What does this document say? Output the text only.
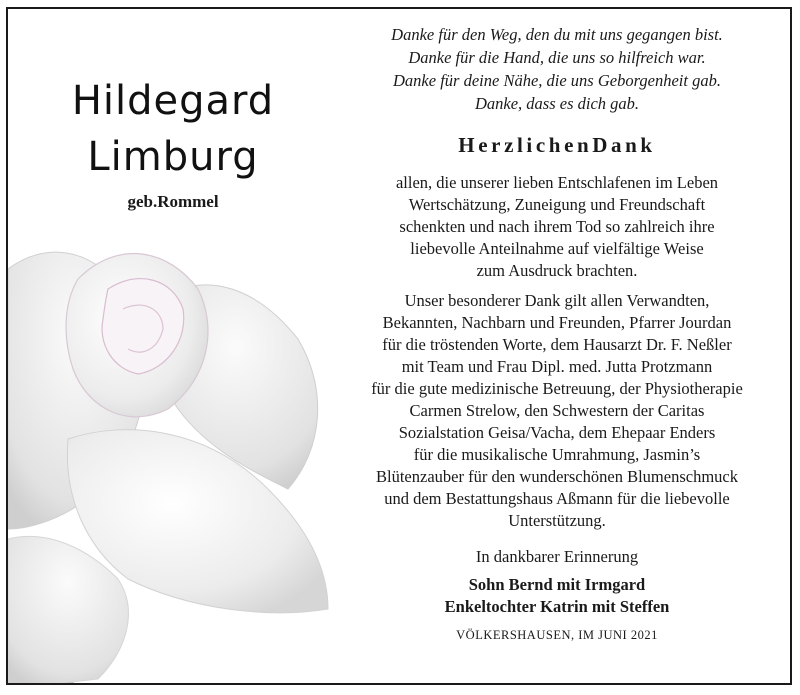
Hildegard
Limburg
geb.Rommel
Danke für den Weg, den du mit uns gegangen bist.
Danke für die Hand, die uns so hilfreich war.
Danke für deine Nähe, die uns Geborgenheit gab.
Danke, dass es dich gab.
HerzlichenDank
allen, die unserer lieben Entschlafenen im Leben
Wertschätzung, Zuneigung und Freundschaft
schenkten und nach ihrem Tod so zahlreich ihre
liebevolle Anteilnahme auf vielfältige Weise
zum Ausdruck brachten.
Unser besonderer Dank gilt allen Verwandten,
Bekannten, Nachbarn und Freunden, Pfarrer Jourdan
für die tröstenden Worte, dem Hausarzt Dr. F. Neßler
mit Team und Frau Dipl. med. Jutta Protzmann
für die gute medizinische Betreuung, der Physiotherapie
Carmen Strelow, den Schwestern der Caritas
Sozialstation Geisa/Vacha, dem Ehepaar Enders
für die musikalische Umrahmung, Jasmin’s
Blütenzauber für den wunderschönen Blumenschmuck
und dem Bestattungshaus Aßmann für die liebevolle
Unterstützung.
In dankbarer Erinnerung
Sohn Bernd mit Irmgard
Enkeltochter Katrin mit Steffen
VÖLKERSHAUSEN, IM JUNI 2021
